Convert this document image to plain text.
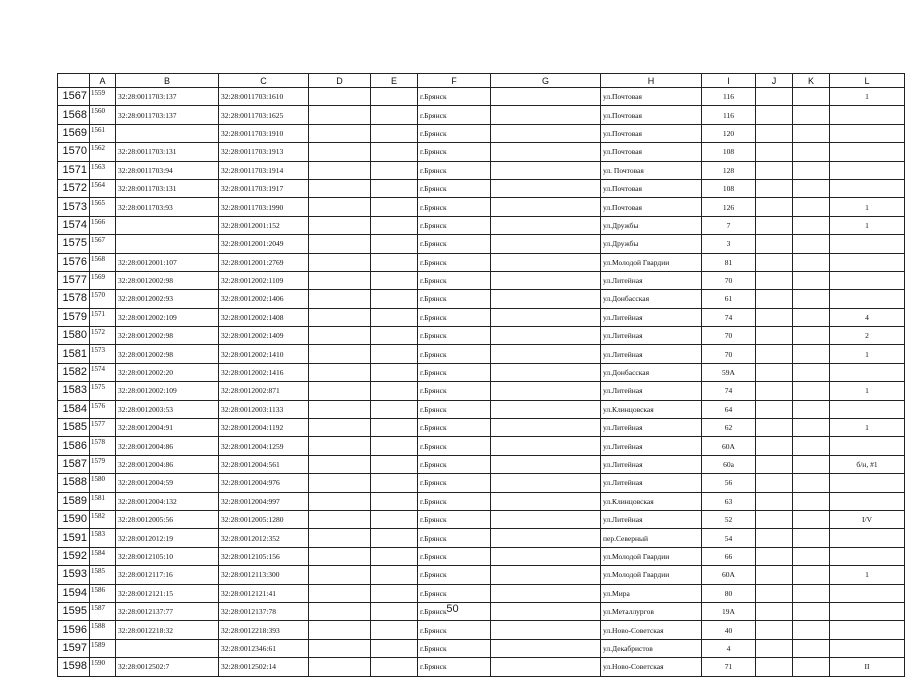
	A	B	C	D	E	F	G	H	I	J	K	L
1567	1559	32:28:0011703:137	32:28:0011703:1610			г.Брянск		ул.Почтовая	116			1
1568	1560	32:28:0011703:137	32:28:0011703:1625			г.Брянск		ул.Почтовая	116			
1569	1561		32:28:0011703:1910			г.Брянск		ул.Почтовая	120			
1570	1562	32:28:0011703:131	32:28:0011703:1913			г.Брянск		ул.Почтовая	108			
1571	1563	32:28:0011703:94	32:28:0011703:1914			г.Брянск		ул. Почтовая	128			
1572	1564	32:28:0011703:131	32:28:0011703:1917			г.Брянск		ул.Почтовая	108			
1573	1565	32:28:0011703:93	32:28:0011703:1990			г.Брянск		ул.Почтовая	126			1
1574	1566		32:28:0012001:152			г.Брянск		ул.Дружбы	7			1
1575	1567		32:28:0012001:2049			г.Брянск		ул.Дружбы	3			
1576	1568	32:28:0012001:107	32:28:0012001:2769			г.Брянск		ул.Молодой Гвардии	81			
1577	1569	32:28:0012002:98	32:28:0012002:1109			г.Брянск		ул.Литейная	70			
1578	1570	32:28:0012002:93	32:28:0012002:1406			г.Брянск		ул.Донбасская	61			
1579	1571	32:28:0012002:109	32:28:0012002:1408			г.Брянск		ул.Литейная	74			4
1580	1572	32:28:0012002:98	32:28:0012002:1409			г.Брянск		ул.Литейная	70			2
1581	1573	32:28:0012002:98	32:28:0012002:1410			г.Брянск		ул.Литейная	70			1
1582	1574	32:28:0012002:20	32:28:0012002:1416			г.Брянск		ул.Донбасская	59А			
1583	1575	32:28:0012002:109	32:28:0012002:871			г.Брянск		ул.Литейная	74			1
1584	1576	32:28:0012003:53	32:28:0012003:1133			г.Брянск		ул.Клинцовская	64			
1585	1577	32:28:0012004:91	32:28:0012004:1192			г.Брянск		ул.Литейная	62			1
1586	1578	32:28:0012004:86	32:28:0012004:1259			г.Брянск		ул.Литейная	60А			
1587	1579	32:28:0012004:86	32:28:0012004:561			г.Брянск		ул.Литейная	60а			б/н, #1
1588	1580	32:28:0012004:59	32:28:0012004:976			г.Брянск		ул.Литейная	56			
1589	1581	32:28:0012004:132	32:28:0012004:997			г.Брянск		ул.Клинцовская	63			
1590	1582	32:28:0012005:56	32:28:0012005:1280			г.Брянск		ул.Литейная	52			I/V
1591	1583	32:28:0012012:19	32:28:0012012:352			г.Брянск		пер.Северный	54			
1592	1584	32:28:0012105:10	32:28:0012105:156			г.Брянск		ул.Молодой Гвардии	66			
1593	1585	32:28:0012117:16	32:28:0012113:300			г.Брянск		ул.Молодой Гвардии	60А			1
1594	1586	32:28:0012121:15	32:28:0012121:41			г.Брянск		ул.Мира	80			
1595	1587	32:28:0012137:77	32:28:0012137:78			г.Брянск		ул.Металлургов	19А			
1596	1588	32:28:0012218:32	32:28:0012218:393			г.Брянск		ул.Ново-Советская	40			
1597	1589		32:28:0012346:61			г.Брянск		ул.Декабристов	4			
1598	1590	32:28:0012502:7	32:28:0012502:14			г.Брянск		ул.Ново-Советская	71			II
50
